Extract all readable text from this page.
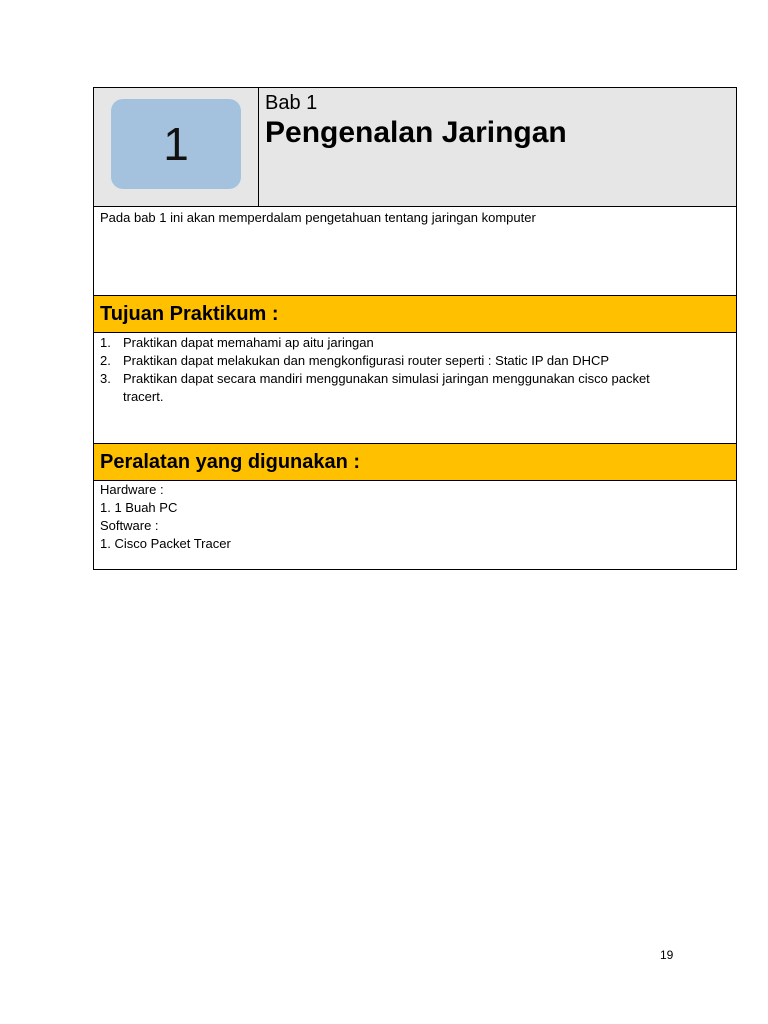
1
Bab 1
Pengenalan Jaringan
Pada bab 1 ini akan memperdalam pengetahuan tentang jaringan komputer
Tujuan Praktikum :
1. Praktikan dapat memahami ap aitu jaringan
2. Praktikan dapat melakukan dan mengkonfigurasi router seperti : Static IP dan DHCP
3. Praktikan dapat secara mandiri menggunakan simulasi jaringan menggunakan cisco packet tracert.
Peralatan yang digunakan :
Hardware :
1. 1 Buah PC
Software :
1. Cisco Packet Tracer
19
